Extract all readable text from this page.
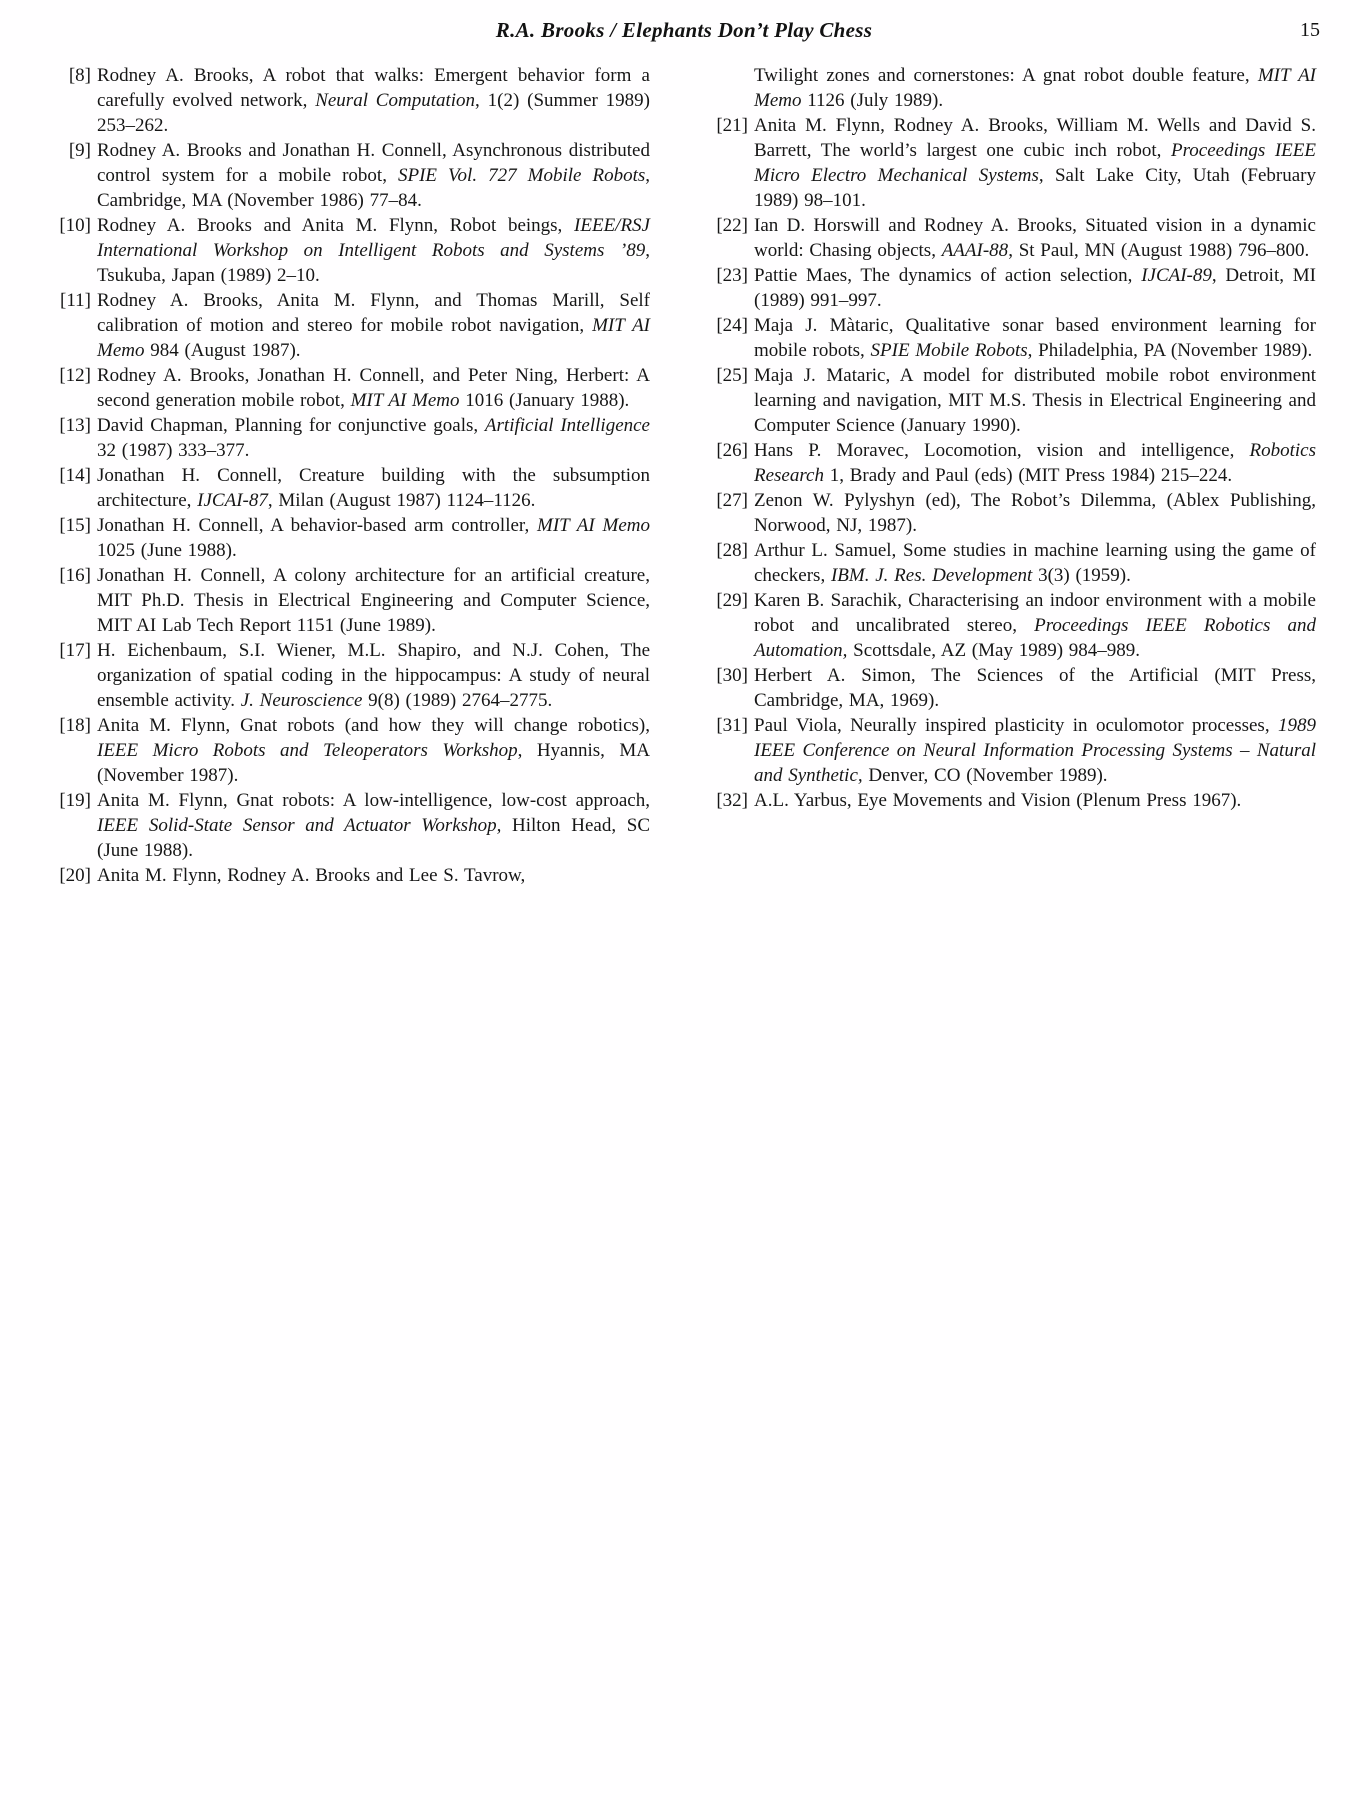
R.A. Brooks / Elephants Don’t Play Chess	15
[8] Rodney A. Brooks, A robot that walks: Emergent behavior form a carefully evolved network, Neural Computation, 1(2) (Summer 1989) 253–262.
[9] Rodney A. Brooks and Jonathan H. Connell, Asynchronous distributed control system for a mobile robot, SPIE Vol. 727 Mobile Robots, Cambridge, MA (November 1986) 77–84.
[10] Rodney A. Brooks and Anita M. Flynn, Robot beings, IEEE/RSJ International Workshop on Intelligent Robots and Systems ’89, Tsukuba, Japan (1989) 2–10.
[11] Rodney A. Brooks, Anita M. Flynn, and Thomas Marill, Self calibration of motion and stereo for mobile robot navigation, MIT AI Memo 984 (August 1987).
[12] Rodney A. Brooks, Jonathan H. Connell, and Peter Ning, Herbert: A second generation mobile robot, MIT AI Memo 1016 (January 1988).
[13] David Chapman, Planning for conjunctive goals, Artificial Intelligence 32 (1987) 333–377.
[14] Jonathan H. Connell, Creature building with the subsumption architecture, IJCAI-87, Milan (August 1987) 1124–1126.
[15] Jonathan H. Connell, A behavior-based arm controller, MIT AI Memo 1025 (June 1988).
[16] Jonathan H. Connell, A colony architecture for an artificial creature, MIT Ph.D. Thesis in Electrical Engineering and Computer Science, MIT AI Lab Tech Report 1151 (June 1989).
[17] H. Eichenbaum, S.I. Wiener, M.L. Shapiro, and N.J. Cohen, The organization of spatial coding in the hippocampus: A study of neural ensemble activity. J. Neuroscience 9(8) (1989) 2764–2775.
[18] Anita M. Flynn, Gnat robots (and how they will change robotics), IEEE Micro Robots and Teleoperators Workshop, Hyannis, MA (November 1987).
[19] Anita M. Flynn, Gnat robots: A low-intelligence, low-cost approach, IEEE Solid-State Sensor and Actuator Workshop, Hilton Head, SC (June 1988).
[20] Anita M. Flynn, Rodney A. Brooks and Lee S. Tavrow,
Twilight zones and cornerstones: A gnat robot double feature, MIT AI Memo 1126 (July 1989).
[21] Anita M. Flynn, Rodney A. Brooks, William M. Wells and David S. Barrett, The world’s largest one cubic inch robot, Proceedings IEEE Micro Electro Mechanical Systems, Salt Lake City, Utah (February 1989) 98–101.
[22] Ian D. Horswill and Rodney A. Brooks, Situated vision in a dynamic world: Chasing objects, AAAI-88, St Paul, MN (August 1988) 796–800.
[23] Pattie Maes, The dynamics of action selection, IJCAI-89, Detroit, MI (1989) 991–997.
[24] Maja J. Màtaric, Qualitative sonar based environment learning for mobile robots, SPIE Mobile Robots, Philadelphia, PA (November 1989).
[25] Maja J. Mataric, A model for distributed mobile robot environment learning and navigation, MIT M.S. Thesis in Electrical Engineering and Computer Science (January 1990).
[26] Hans P. Moravec, Locomotion, vision and intelligence, Robotics Research 1, Brady and Paul (eds) (MIT Press 1984) 215–224.
[27] Zenon W. Pylyshyn (ed), The Robot’s Dilemma, (Ablex Publishing, Norwood, NJ, 1987).
[28] Arthur L. Samuel, Some studies in machine learning using the game of checkers, IBM. J. Res. Development 3(3) (1959).
[29] Karen B. Sarachik, Characterising an indoor environment with a mobile robot and uncalibrated stereo, Proceedings IEEE Robotics and Automation, Scottsdale, AZ (May 1989) 984–989.
[30] Herbert A. Simon, The Sciences of the Artificial (MIT Press, Cambridge, MA, 1969).
[31] Paul Viola, Neurally inspired plasticity in oculomotor processes, 1989 IEEE Conference on Neural Information Processing Systems – Natural and Synthetic, Denver, CO (November 1989).
[32] A.L. Yarbus, Eye Movements and Vision (Plenum Press 1967).
